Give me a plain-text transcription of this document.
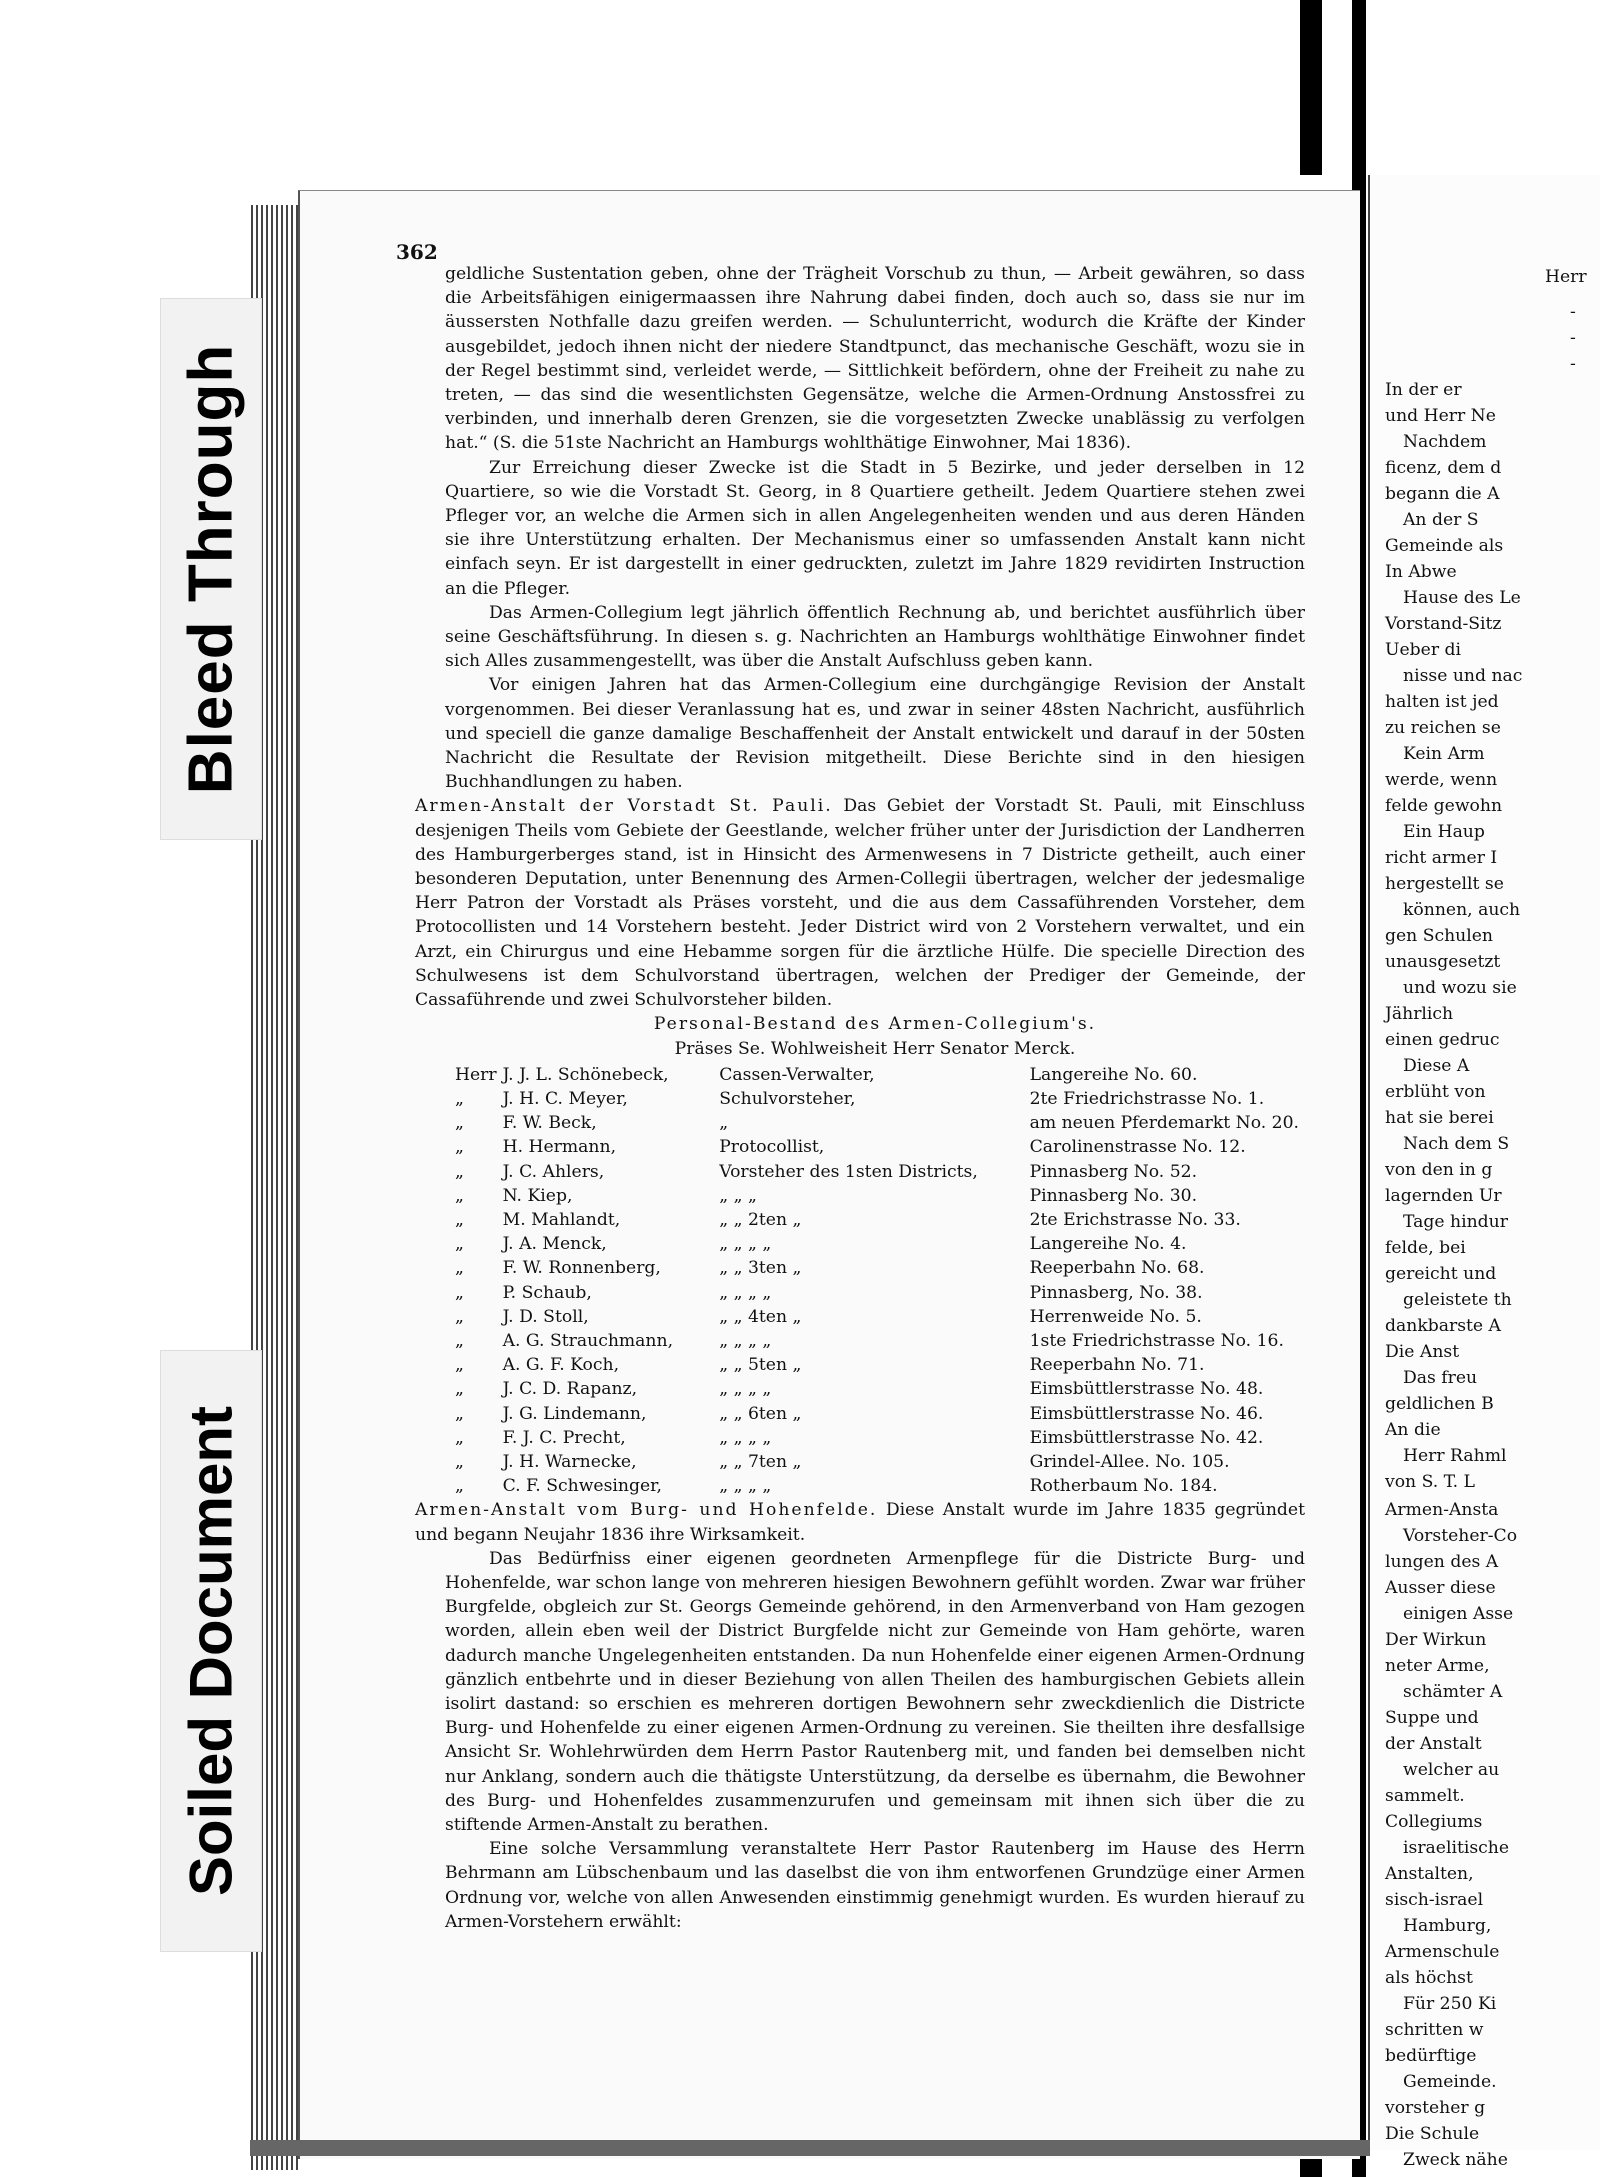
Bleed Through
Soiled Document
362

geldliche Sustentation geben, ohne der Trägheit Vorschub zu thun, — Arbeit gewähren, so dass die Arbeitsfähigen einigermaassen ihre Nahrung dabei finden, doch auch so, dass sie nur im äussersten Nothfalle dazu greifen werden. — Schulunterricht, wodurch die Kräfte der Kinder ausgebildet, jedoch ihnen nicht der niedere Standtpunct, das mechanische Geschäft, wozu sie in der Regel bestimmt sind, verleidet werde, — Sittlichkeit befördern, ohne der Freiheit zu nahe zu treten, — das sind die wesentlichsten Gegensätze, welche die Armen-Ordnung Anstossfrei zu verbinden, und innerhalb deren Grenzen, sie die vorgesetzten Zwecke unablässig zu verfolgen hat.“ (S. die 51ste Nachricht an Hamburgs wohlthätige Einwohner, Mai 1836).

Zur Erreichung dieser Zwecke ist die Stadt in 5 Bezirke, und jeder derselben in 12 Quartiere, so wie die Vorstadt St. Georg, in 8 Quartiere getheilt. Jedem Quartiere stehen zwei Pfleger vor, an welche die Armen sich in allen Angelegenheiten wenden und aus deren Händen sie ihre Unterstützung erhalten. Der Mechanismus einer so umfassenden Anstalt kann nicht einfach seyn. Er ist dargestellt in einer gedruckten, zuletzt im Jahre 1829 revidirten Instruction an die Pfleger.

Das Armen-Collegium legt jährlich öffentlich Rechnung ab, und berichtet ausführlich über seine Geschäftsführung. In diesen s. g. Nachrichten an Hamburgs wohlthätige Einwohner findet sich Alles zusammengestellt, was über die Anstalt Aufschluss geben kann.

Vor einigen Jahren hat das Armen-Collegium eine durchgängige Revision der Anstalt vorgenommen. Bei dieser Veranlassung hat es, und zwar in seiner 48sten Nachricht, ausführlich und speciell die ganze damalige Beschaffenheit der Anstalt entwickelt und darauf in der 50sten Nachricht die Resultate der Revision mitgetheilt. Diese Berichte sind in den hiesigen Buchhandlungen zu haben.

Armen-Anstalt der Vorstadt St. Pauli. Das Gebiet der Vorstadt St. Pauli, mit Einschluss desjenigen Theils vom Gebiete der Geestlande, welcher früher unter der Jurisdiction der Landherren des Hamburgerberges stand, ist in Hinsicht des Armenwesens in 7 Districte getheilt, auch einer besonderen Deputation, unter Benennung des Armen-Collegii übertragen, welcher der jedesmalige Herr Patron der Vorstadt als Präses vorsteht, und die aus dem Cassaführenden Vorsteher, dem Protocollisten und 14 Vorstehern besteht. Jeder District wird von 2 Vorstehern verwaltet, und ein Arzt, ein Chirurgus und eine Hebamme sorgen für die ärztliche Hülfe. Die specielle Direction des Schulwesens ist dem Schulvorstand übertragen, welchen der Prediger der Gemeinde, der Cassaführende und zwei Schulvorsteher bilden.

Personal-Bestand des Armen-Collegium's.

Präses Se. Wohlweisheit Herr Senator Merck.

Herr	J. J. L. Schönebeck,	Cassen-Verwalter,	Langereihe No. 60.
„	J. H. C. Meyer,	Schulvorsteher,	2te Friedrichstrasse No. 1.
„	F. W. Beck,	„	am neuen Pferdemarkt No. 20.
„	H. Hermann,	Protocollist,	Carolinenstrasse No. 12.
„	J. C. Ahlers,	Vorsteher des 1sten Districts,	Pinnasberg No. 52.
„	N. Kiep,	„ „ „	Pinnasberg No. 30.
„	M. Mahlandt,	„ „ 2ten „	2te Erichstrasse No. 33.
„	J. A. Menck,	„ „ „ „	Langereihe No. 4.
„	F. W. Ronnenberg,	„ „ 3ten „	Reeperbahn No. 68.
„	P. Schaub,	„ „ „ „	Pinnasberg, No. 38.
„	J. D. Stoll,	„ „ 4ten „	Herrenweide No. 5.
„	A. G. Strauchmann,	„ „ „ „	1ste Friedrichstrasse No. 16.
„	A. G. F. Koch,	„ „ 5ten „	Reeperbahn No. 71.
„	J. C. D. Rapanz,	„ „ „ „	Eimsbüttlerstrasse No. 48.
„	J. G. Lindemann,	„ „ 6ten „	Eimsbüttlerstrasse No. 46.
„	F. J. C. Precht,	„ „ „ „	Eimsbüttlerstrasse No. 42.
„	J. H. Warnecke,	„ „ 7ten „	Grindel-Allee. No. 105.
„	C. F. Schwesinger,	„ „ „ „	Rotherbaum No. 184.

Armen-Anstalt vom Burg- und Hohenfelde. Diese Anstalt wurde im Jahre 1835 gegründet und begann Neujahr 1836 ihre Wirksamkeit.

Das Bedürfniss einer eigenen geordneten Armenpflege für die Districte Burg- und Hohenfelde, war schon lange von mehreren hiesigen Bewohnern gefühlt worden. Zwar war früher Burgfelde, obgleich zur St. Georgs Gemeinde gehörend, in den Armenverband von Ham gezogen worden, allein eben weil der District Burgfelde nicht zur Gemeinde von Ham gehörte, waren dadurch manche Ungelegenheiten entstanden. Da nun Hohenfelde einer eigenen Armen-Ordnung gänzlich entbehrte und in dieser Beziehung von allen Theilen des hamburgischen Gebiets allein isolirt dastand: so erschien es mehreren dortigen Bewohnern sehr zweckdienlich die Districte Burg- und Hohenfelde zu einer eigenen Armen-Ordnung zu vereinen. Sie theilten ihre desfallsige Ansicht Sr. Wohlehrwürden dem Herrn Pastor Rautenberg mit, und fanden bei demselben nicht nur Anklang, sondern auch die thätigste Unterstützung, da derselbe es übernahm, die Bewohner des Burg- und Hohenfeldes zusammenzurufen und gemeinsam mit ihnen sich über die zu stiftende Armen-Anstalt zu berathen.

Eine solche Versammlung veranstaltete Herr Pastor Rautenberg im Hause des Herrn Behrmann am Lübschenbaum und las daselbst die von ihm entworfenen Grundzüge einer Armen Ordnung vor, welche von allen Anwesenden einstimmig genehmigt wurden. Es wurden hierauf zu Armen-Vorstehern erwählt:

Herr
-
-
-
In der er
und Herr Ne
Nachdem
ficenz, dem d
begann die A
An der S
Gemeinde als
In Abwe
Hause des Le
Vorstand-Sitz
Ueber di
nisse und nac
halten ist jed
zu reichen se
Kein Arm
werde, wenn
felde gewohn
Ein Haup
richt armer I
hergestellt se
können, auch
gen Schulen
unausgesetzt
und wozu sie
Jährlich
einen gedruc
Diese A
erblüht von
hat sie berei
Nach dem S
von den in g
lagernden Ur
Tage hindur
felde, bei
gereicht und
geleistete th
dankbarste A
Die Anst
Das freu
geldlichen B
An die
Herr Rahml
von S. T. L
Armen-Ansta
Vorsteher-Co
lungen des A
Ausser diese
einigen Asse
Der Wirkun
neter Arme,
schämter A
Suppe und
der Anstalt
welcher au
sammelt.
Collegiums
israelitische
Anstalten,
sisch-israel
Hamburg,
Armenschule
als höchst
Für 250 Ki
schritten w
bedürftige
Gemeinde.
vorsteher g
Die Schule
Zweck nähe
